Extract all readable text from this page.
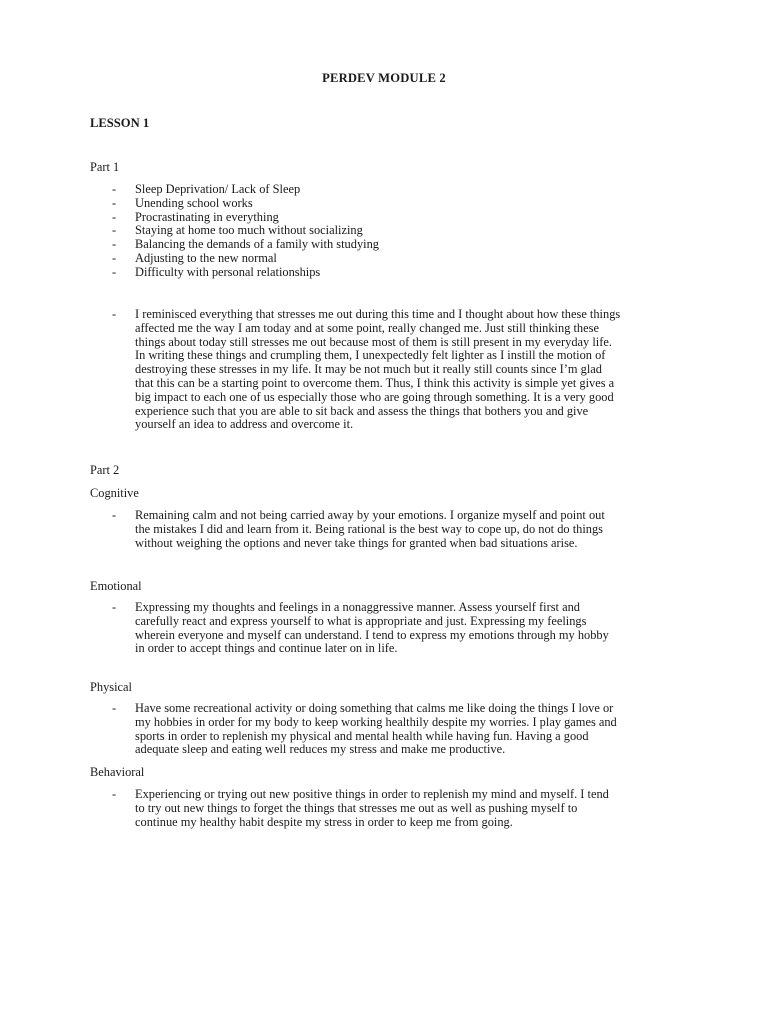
PERDEV MODULE 2
LESSON 1
Part 1
- Sleep Deprivation/ Lack of Sleep
- Unending school works
- Procrastinating in everything
- Staying at home too much without socializing
- Balancing the demands of a family with studying
- Adjusting to the new normal
- Difficulty with personal relationships
- I reminisced everything that stresses me out during this time and I thought about how these things
affected me the way I am today and at some point, really changed me. Just still thinking these
things about today still stresses me out because most of them is still present in my everyday life.
In writing these things and crumpling them, I unexpectedly felt lighter as I instill the motion of
destroying these stresses in my life. It may be not much but it really still counts since I’m glad
that this can be a starting point to overcome them. Thus, I think this activity is simple yet gives a
big impact to each one of us especially those who are going through something. It is a very good
experience such that you are able to sit back and assess the things that bothers you and give
yourself an idea to address and overcome it.
Part 2
Cognitive
- Remaining calm and not being carried away by your emotions. I organize myself and point out
the mistakes I did and learn from it. Being rational is the best way to cope up, do not do things
without weighing the options and never take things for granted when bad situations arise.
Emotional
- Expressing my thoughts and feelings in a nonaggressive manner. Assess yourself first and
carefully react and express yourself to what is appropriate and just. Expressing my feelings
wherein everyone and myself can understand. I tend to express my emotions through my hobby
in order to accept things and continue later on in life.
Physical
- Have some recreational activity or doing something that calms me like doing the things I love or
my hobbies in order for my body to keep working healthily despite my worries. I play games and
sports in order to replenish my physical and mental health while having fun. Having a good
adequate sleep and eating well reduces my stress and make me productive.
Behavioral
- Experiencing or trying out new positive things in order to replenish my mind and myself. I tend
to try out new things to forget the things that stresses me out as well as pushing myself to
continue my healthy habit despite my stress in order to keep me from going.
